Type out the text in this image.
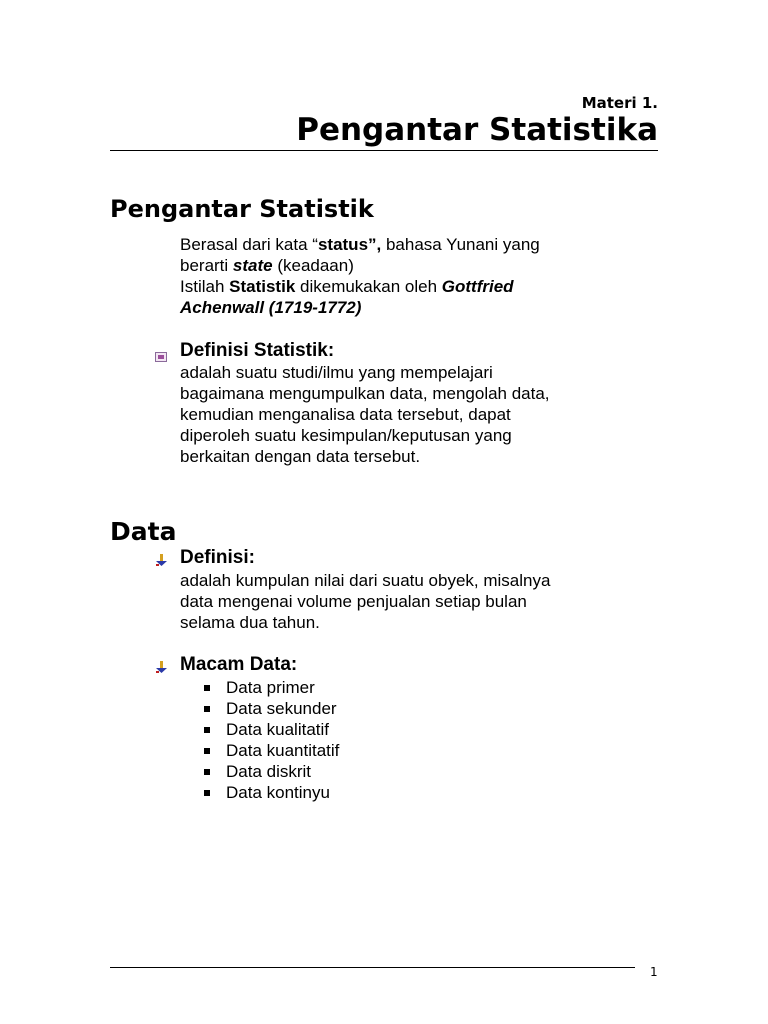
Materi 1.
Pengantar Statistika
Pengantar Statistik
Berasal dari kata “status”, bahasa Yunani yang
berarti state (keadaan)
Istilah Statistik dikemukakan oleh Gottfried
Achenwall (1719-1772)
Definisi Statistik:
adalah suatu studi/ilmu yang mempelajari
bagaimana mengumpulkan data, mengolah data,
kemudian menganalisa data tersebut, dapat
diperoleh suatu kesimpulan/keputusan yang
berkaitan dengan data tersebut.
Data
Definisi:
adalah kumpulan nilai dari suatu obyek, misalnya
data mengenai volume penjualan setiap bulan
selama dua tahun.
Macam Data:
Data primer
Data sekunder
Data kualitatif
Data kuantitatif
Data diskrit
Data kontinyu
1
